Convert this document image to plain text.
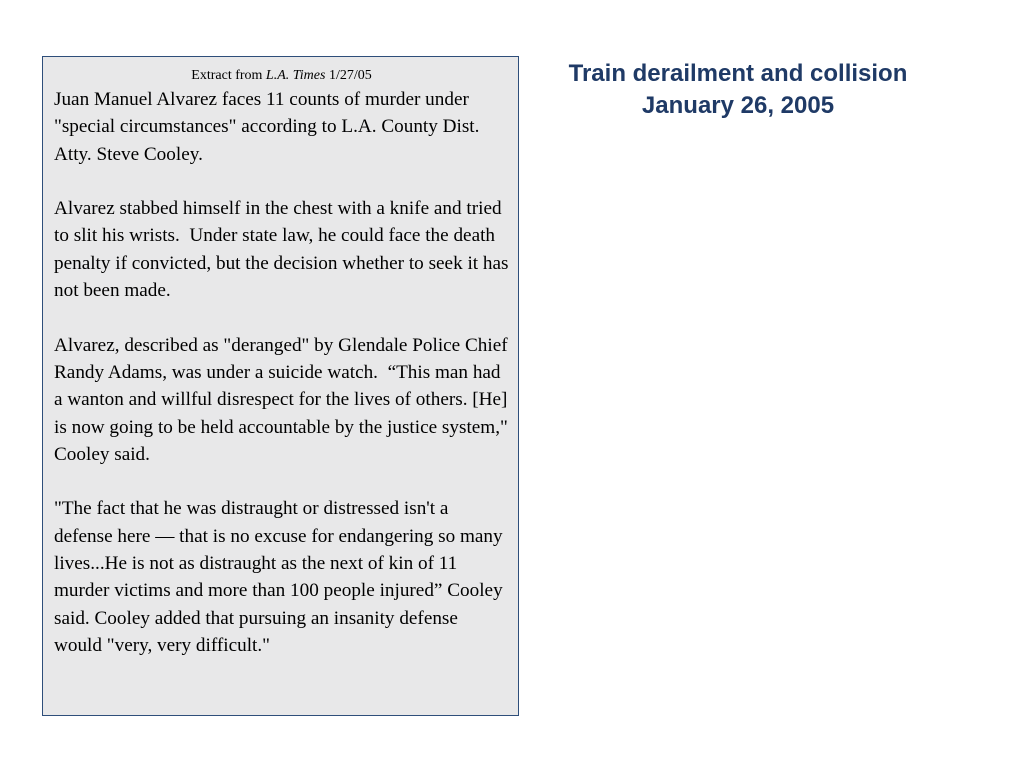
Extract from L.A. Times 1/27/05

Juan Manuel Alvarez faces 11 counts of murder under "special circumstances" according to L.A. County Dist. Atty. Steve Cooley.

Alvarez stabbed himself in the chest with a knife and tried to slit his wrists.  Under state law, he could face the death penalty if convicted, but the decision whether to seek it has not been made.

Alvarez, described as "deranged" by Glendale Police Chief Randy Adams, was under a suicide watch.  “This man had a wanton and willful disrespect for the lives of others. [He] is now going to be held accountable by the justice system," Cooley said.

"The fact that he was distraught or distressed isn't a defense here — that is no excuse for endangering so many lives...He is not as distraught as the next of kin of 11 murder victims and more than 100 people injured” Cooley said. Cooley added that pursuing an insanity defense would "very, very difficult."

Train derailment and collision
January 26, 2005
